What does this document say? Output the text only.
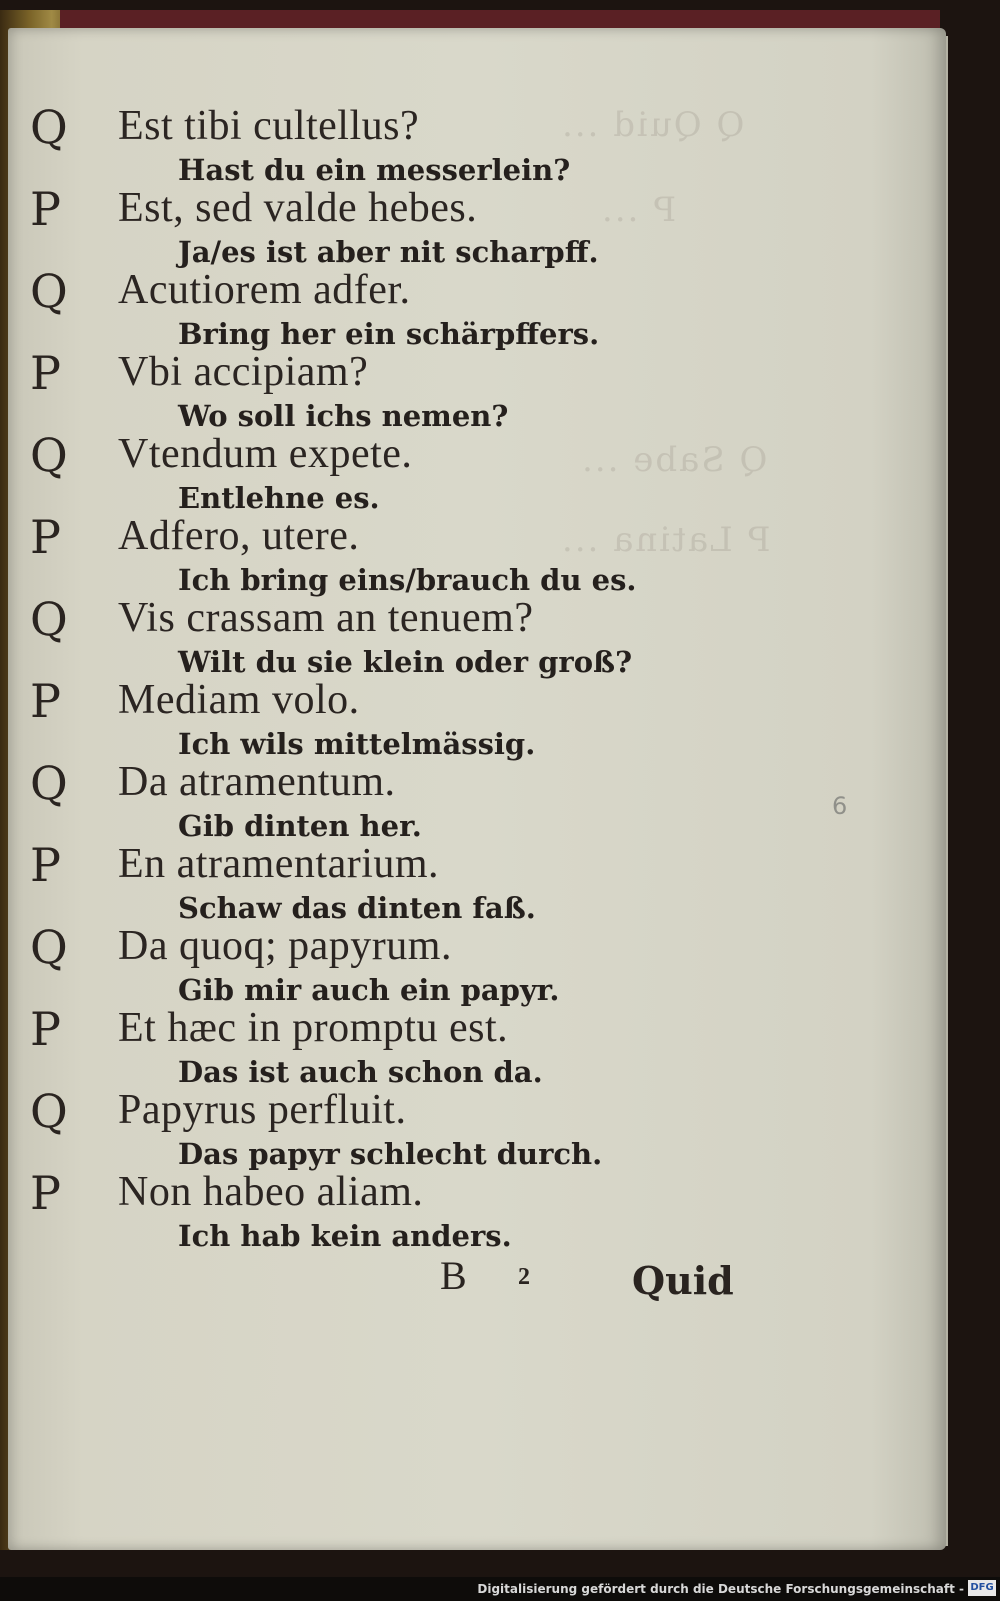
Q Quid ...
P ...
Q Sabe ...
P Latina ...
Q	Est tibi cultellus?
Hast du ein messerlein?
P	Est, sed valde hebes.
Ja/es ist aber nit scharpff.
Q	Acutiorem adfer.
Bring her ein schärpffers.
P	Vbi accipiam?
Wo soll ichs nemen?
Q	Vtendum expete.
Entlehne es.
P	Adfero, utere.
Ich bring eins/brauch du es.
Q	Vis crassam an tenuem?
Wilt du sie klein oder groß?
P	Mediam volo.
Ich wils mittelmässig.
Q	Da atramentum.
Gib dinten her.
P	En atramentarium.
Schaw das dinten faß.
Q	Da quoq; papyrum.
Gib mir auch ein papyr.
P	Et hæc in promptu est.
Das ist auch schon da.
Q	Papyrus perfluit.
Das papyr schlecht durch.
P	Non habeo aliam.
Ich hab kein anders.
6
B 2	Quid
Digitalisierung gefördert durch die Deutsche Forschungsgemeinschaft - DFG
